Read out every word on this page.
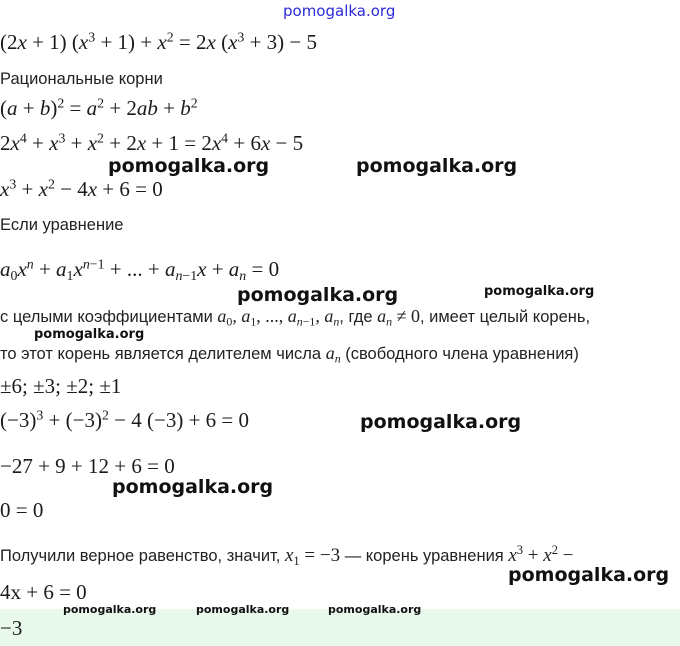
pomogalka.org
(2x + 1) $(x^3 + 1) + x^2 = 2x$ $(x^3 + 3) - 5$
Рациональные корни
$(a + b)^2 = a^2 + 2ab + b^2$
$2x^4 + x^3 + x^2 + 2x + 1 = 2x^4 + 6x - 5$
$x^3 + x^2 - 4x + 6 = 0$
Если уравнение
$a_0x^n + a_1x^{n-1}$ + ... + $a_{n-1}x + a_n = 0$
с целыми коэффициентами $a_0$, $a_1$, ..., $a_{n-1}$, $a_n$, где $a_n \ne 0$, имеет целый корень,
то этот корень является делителем числа $a_n$ (свободного члена уравнения)
±6; ±3; ±2; ±1
$(-3)^3 + (-3)^2 - 4$ (−3) + 6 = 0
−27 + 9 + 12 + 6 = 0
0 = 0
Получили верное равенство, значит, $x_1 = -3$ — корень уравнения $x^3 + x^2$ −
4x + 6 = 0
−3
pomogalka.org	pomogalka.org
pomogalka.org	pomogalka.org
pomogalka.org
pomogalka.org
pomogalka.org
pomogalka.org
pomogalka.org	pomogalka.org	pomogalka.org
